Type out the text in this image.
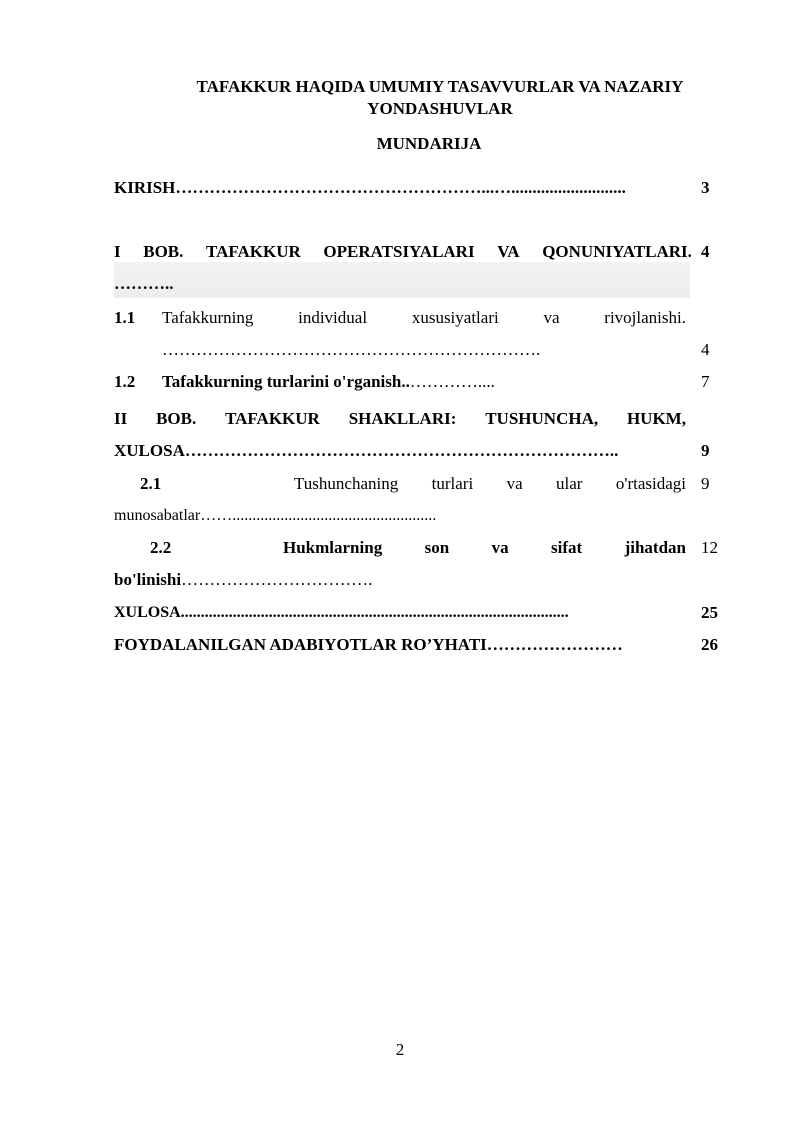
TAFAKKUR HAQIDA UMUMIY TASAVVURLAR VA NAZARIY YONDASHUVLAR
MUNDARIJA
KIRISH………………………………………………...…...........................	3
I BOB. TAFAKKUR OPERATSIYALARI VA QONUNIYATLARI. 4
………..
1.1 Tafakkurning	individual	xususiyatlari	va	rivojlanishi.
………………………………………………………….	4
1.2 Tafakkurning turlarini o'rganish..…………....	7
II BOB. TAFAKKUR SHAKLLARI: TUSHUNCHA, HUKM,
XULOSA…………………………………………………………………..	9
2.1	Tushunchaning turlari va ular o'rtasidagi 9
munosabatlar……...................................................
2.2	Hukmlarning son va sifat jihatdan 12
bo'linishi…………………………….
XULOSA.................................................................................................	25
FOYDALANILGAN ADABIYOTLAR RO’YHATI……………………	26
2
